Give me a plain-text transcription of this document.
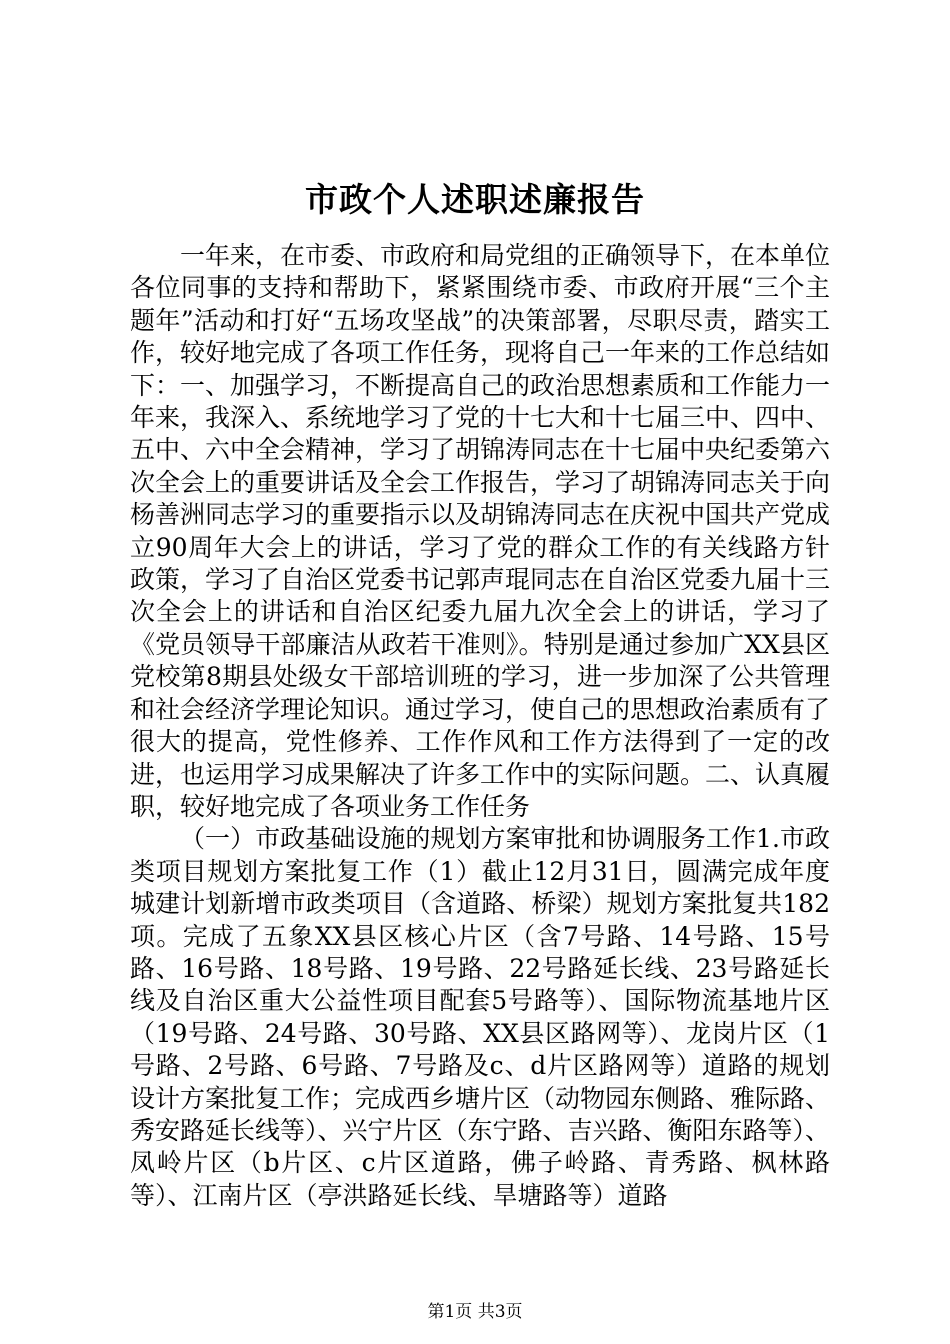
市政个人述职述廉报告

一年来，在市委、市政府和局党组的正确领导下，在本单位各位同事的支持和帮助下，紧紧围绕市委、市政府开展“三个主题年”活动和打好“五场攻坚战”的决策部署，尽职尽责，踏实工作，较好地完成了各项工作任务，现将自己一年来的工作总结如下：一、加强学习，不断提高自己的政治思想素质和工作能力一年来，我深入、系统地学习了党的十七大和十七届三中、四中、五中、六中全会精神，学习了胡锦涛同志在十七届中央纪委第六次全会上的重要讲话及全会工作报告，学习了胡锦涛同志关于向杨善洲同志学习的重要指示以及胡锦涛同志在庆祝中国共产党成立90周年大会上的讲话，学习了党的群众工作的有关线路方针政策，学习了自治区党委书记郭声琨同志在自治区党委九届十三次全会上的讲话和自治区纪委九届九次全会上的讲话，学习了《党员领导干部廉洁从政若干准则》。特别是通过参加广XX县区党校第8期县处级女干部培训班的学习，进一步加深了公共管理和社会经济学理论知识。通过学习，使自己的思想政治素质有了很大的提高，党性修养、工作作风和工作方法得到了一定的改进，也运用学习成果解决了许多工作中的实际问题。二、认真履职，较好地完成了各项业务工作任务

（一）市政基础设施的规划方案审批和协调服务工作1.市政类项目规划方案批复工作（1）截止12月31日，圆满完成年度城建计划新增市政类项目（含道路、桥梁）规划方案批复共182项。完成了五象XX县区核心片区（含7号路、14号路、15号路、16号路、18号路、19号路、22号路延长线、23号路延长线及自治区重大公益性项目配套5号路等）、国际物流基地片区（19号路、24号路、30号路、XX县区路网等）、龙岗片区（1号路、2号路、6号路、7号路及c、d片区路网等）道路的规划设计方案批复工作；完成西乡塘片区（动物园东侧路、雅际路、秀安路延长线等）、兴宁片区（东宁路、吉兴路、衡阳东路等）、凤岭片区（b片区、c片区道路，佛子岭路、青秀路、枫林路等）、江南片区（亭洪路延长线、旱塘路等）道路

第1页 共3页
